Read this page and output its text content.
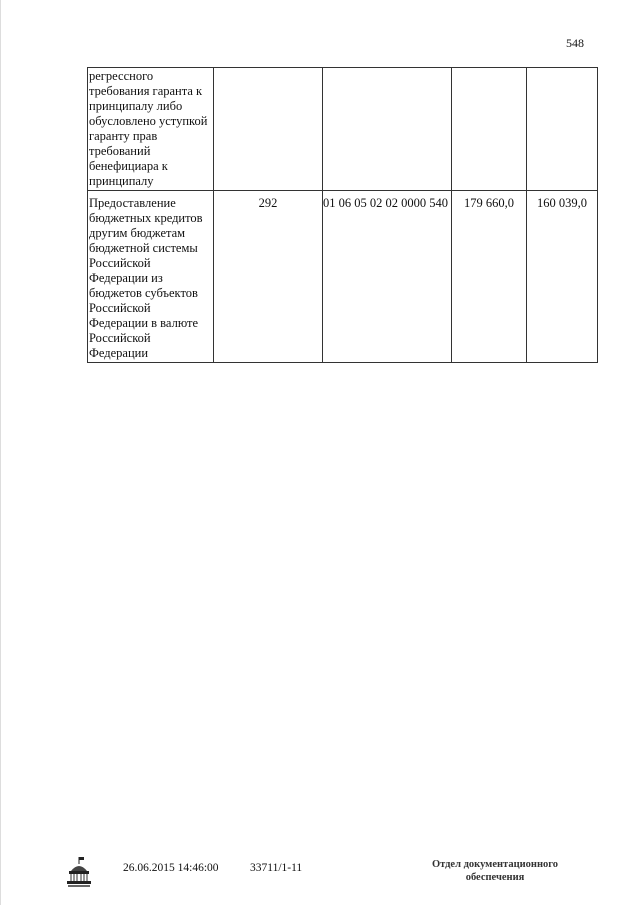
548
регрессного требования гаранта к принципалу либо обусловлено уступкой гаранту прав требований бенефициара к принципалу				
Предоставление бюджетных кредитов другим бюджетам бюджетной системы Российской Федерации из бюджетов субъектов Российской Федерации в валюте Российской Федерации	292	01 06 05 02 02 0000 540	179 660,0	160 039,0
26.06.2015 14:46:00	33711/1-11	Отдел документационного
обеспечения
